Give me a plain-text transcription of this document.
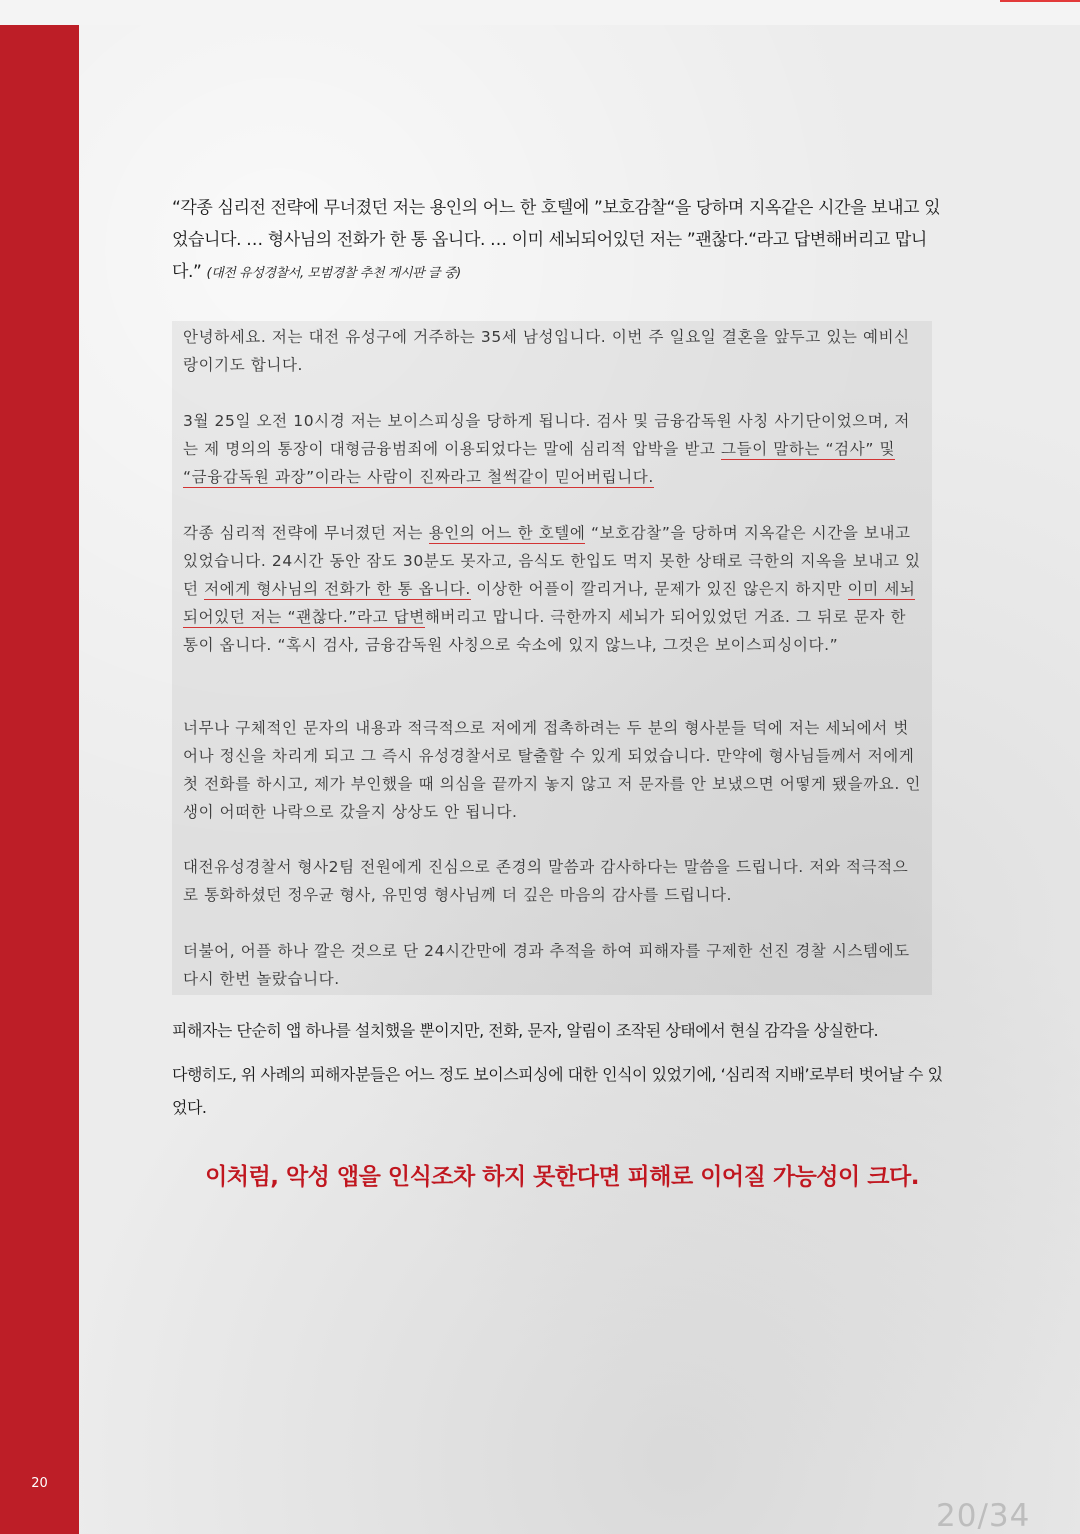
20
“각종 심리전 전략에 무너졌던 저는 용인의 어느 한 호텔에 ”보호감찰“을 당하며 지옥같은 시간을 보내고 있었습니다. … 형사님의 전화가 한 통 옵니다. … 이미 세뇌되어있던 저는 ”괜찮다.“라고 답변해버리고 맙니다.” (대전 유성경찰서, 모범경찰 추천 게시판 글 중)
안녕하세요. 저는 대전 유성구에 거주하는 35세 남성입니다. 이번 주 일요일 결혼을 앞두고 있는 예비신랑이기도 합니다.
3월 25일 오전 10시경 저는 보이스피싱을 당하게 됩니다. 검사 및 금융감독원 사칭 사기단이었으며, 저는 제 명의의 통장이 대형금융범죄에 이용되었다는 말에 심리적 압박을 받고 그들이 말하는 “검사” 및 “금융감독원 과장”이라는 사람이 진짜라고 철썩같이 믿어버립니다.
각종 심리적 전략에 무너졌던 저는 용인의 어느 한 호텔에 “보호감찰”을 당하며 지옥같은 시간을 보내고 있었습니다. 24시간 동안 잠도 30분도 못자고, 음식도 한입도 먹지 못한 상태로 극한의 지옥을 보내고 있던 저에게 형사님의 전화가 한 통 옵니다. 이상한 어플이 깔리거나, 문제가 있진 않은지 하지만 이미 세뇌되어있던 저는 “괜찮다.”라고 답변해버리고 맙니다. 극한까지 세뇌가 되어있었던 거죠. 그 뒤로 문자 한 통이 옵니다. “혹시 검사, 금융감독원 사칭으로 숙소에 있지 않느냐, 그것은 보이스피싱이다.”
너무나 구체적인 문자의 내용과 적극적으로 저에게 접촉하려는 두 분의 형사분들 덕에 저는 세뇌에서 벗어나 정신을 차리게 되고 그 즉시 유성경찰서로 탈출할 수 있게 되었습니다. 만약에 형사님들께서 저에게 첫 전화를 하시고, 제가 부인했을 때 의심을 끝까지 놓지 않고 저 문자를 안 보냈으면 어떻게 됐을까요. 인생이 어떠한 나락으로 갔을지 상상도 안 됩니다.
대전유성경찰서 형사2팀 전원에게 진심으로 존경의 말씀과 감사하다는 말씀을 드립니다. 저와 적극적으로 통화하셨던 정우균 형사, 유민영 형사님께 더 깊은 마음의 감사를 드립니다.
더불어, 어플 하나 깔은 것으로 단 24시간만에 경과 추적을 하여 피해자를 구제한 선진 경찰 시스템에도 다시 한번 놀랐습니다.
피해자는 단순히 앱 하나를 설치했을 뿐이지만, 전화, 문자, 알림이 조작된 상태에서 현실 감각을 상실한다.
다행히도, 위 사례의 피해자분들은 어느 정도 보이스피싱에 대한 인식이 있었기에, ‘심리적 지배’로부터 벗어날 수 있었다.
이처럼, 악성 앱을 인식조차 하지 못한다면 피해로 이어질 가능성이 크다.
20/34
